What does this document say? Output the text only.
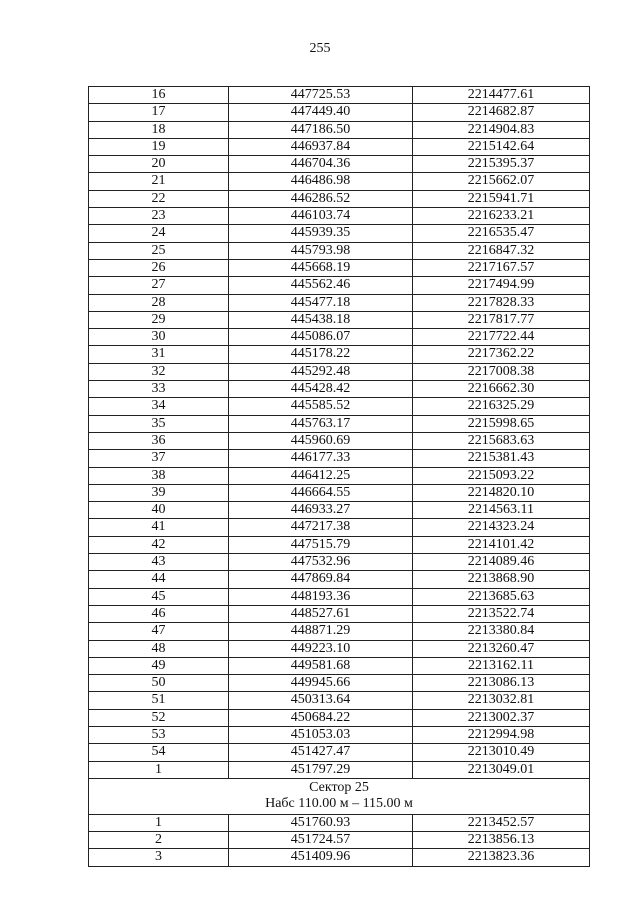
255
16	447725.53	2214477.61
17	447449.40	2214682.87
18	447186.50	2214904.83
19	446937.84	2215142.64
20	446704.36	2215395.37
21	446486.98	2215662.07
22	446286.52	2215941.71
23	446103.74	2216233.21
24	445939.35	2216535.47
25	445793.98	2216847.32
26	445668.19	2217167.57
27	445562.46	2217494.99
28	445477.18	2217828.33
29	445438.18	2217817.77
30	445086.07	2217722.44
31	445178.22	2217362.22
32	445292.48	2217008.38
33	445428.42	2216662.30
34	445585.52	2216325.29
35	445763.17	2215998.65
36	445960.69	2215683.63
37	446177.33	2215381.43
38	446412.25	2215093.22
39	446664.55	2214820.10
40	446933.27	2214563.11
41	447217.38	2214323.24
42	447515.79	2214101.42
43	447532.96	2214089.46
44	447869.84	2213868.90
45	448193.36	2213685.63
46	448527.61	2213522.74
47	448871.29	2213380.84
48	449223.10	2213260.47
49	449581.68	2213162.11
50	449945.66	2213086.13
51	450313.64	2213032.81
52	450684.22	2213002.37
53	451053.03	2212994.98
54	451427.47	2213010.49
1	451797.29	2213049.01
Сектор 25
Набс 110.00 м – 115.00 м
1	451760.93	2213452.57
2	451724.57	2213856.13
3	451409.96	2213823.36
